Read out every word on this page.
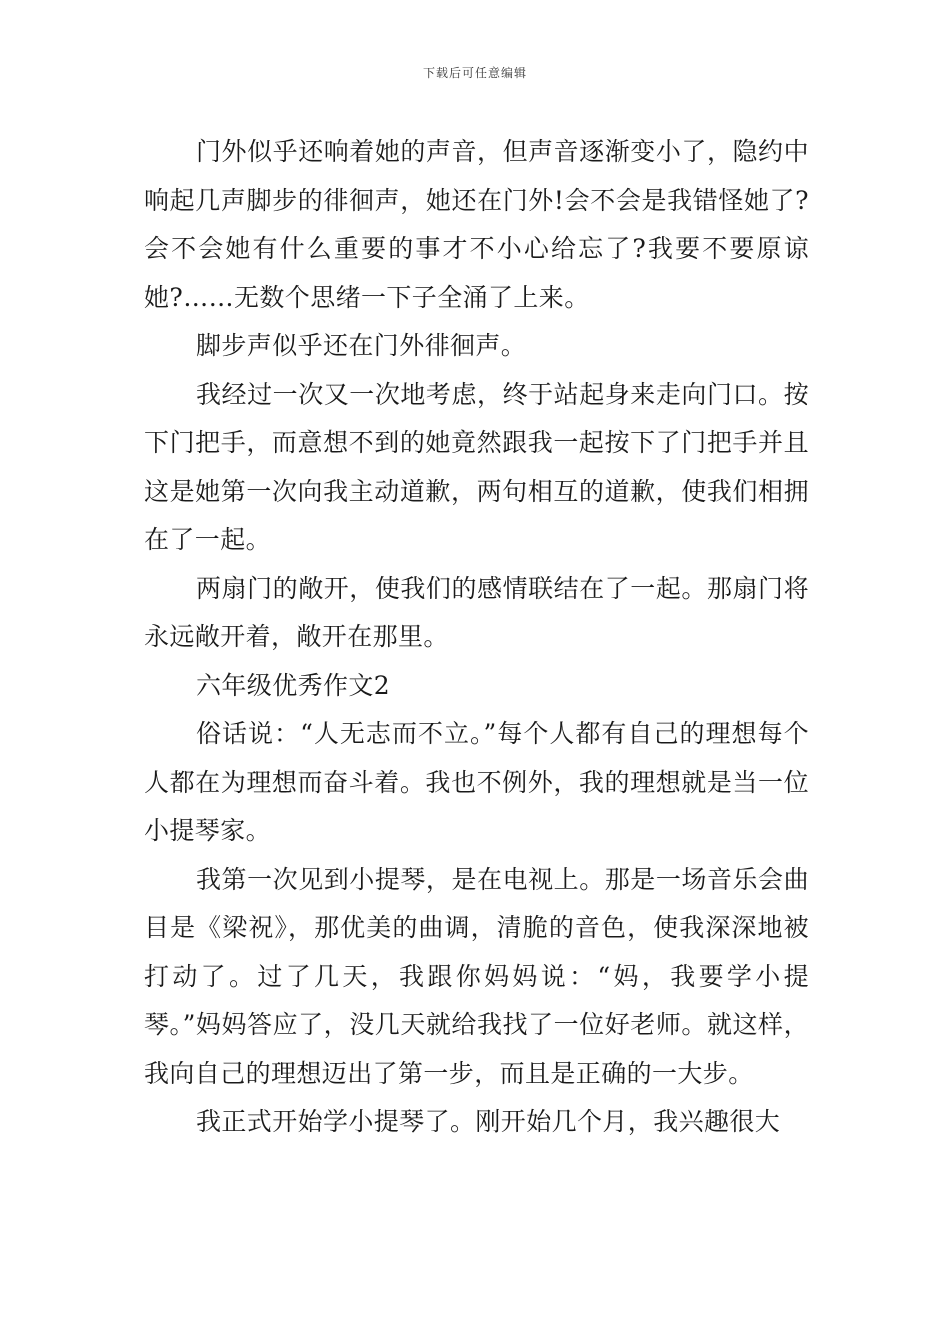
下载后可任意编辑

门外似乎还响着她的声音，但声音逐渐变小了，隐约中响起几声脚步的徘徊声，她还在门外!会不会是我错怪她了?会不会她有什么重要的事才不小心给忘了?我要不要原谅她?……无数个思绪一下子全涌了上来。

脚步声似乎还在门外徘徊声。

我经过一次又一次地考虑，终于站起身来走向门口。按下门把手，而意想不到的她竟然跟我一起按下了门把手并且这是她第一次向我主动道歉，两句相互的道歉，使我们相拥在了一起。

两扇门的敞开，使我们的感情联结在了一起。那扇门将永远敞开着，敞开在那里。

六年级优秀作文2

俗话说：“人无志而不立。”每个人都有自己的理想每个人都在为理想而奋斗着。我也不例外，我的理想就是当一位小提琴家。

我第一次见到小提琴，是在电视上。那是一场音乐会曲目是《梁祝》，那优美的曲调，清脆的音色，使我深深地被打动了。过了几天，我跟你妈妈说：“妈，我要学小提琴。”妈妈答应了，没几天就给我找了一位好老师。就这样，我向自己的理想迈出了第一步，而且是正确的一大步。

我正式开始学小提琴了。刚开始几个月，我兴趣很大
